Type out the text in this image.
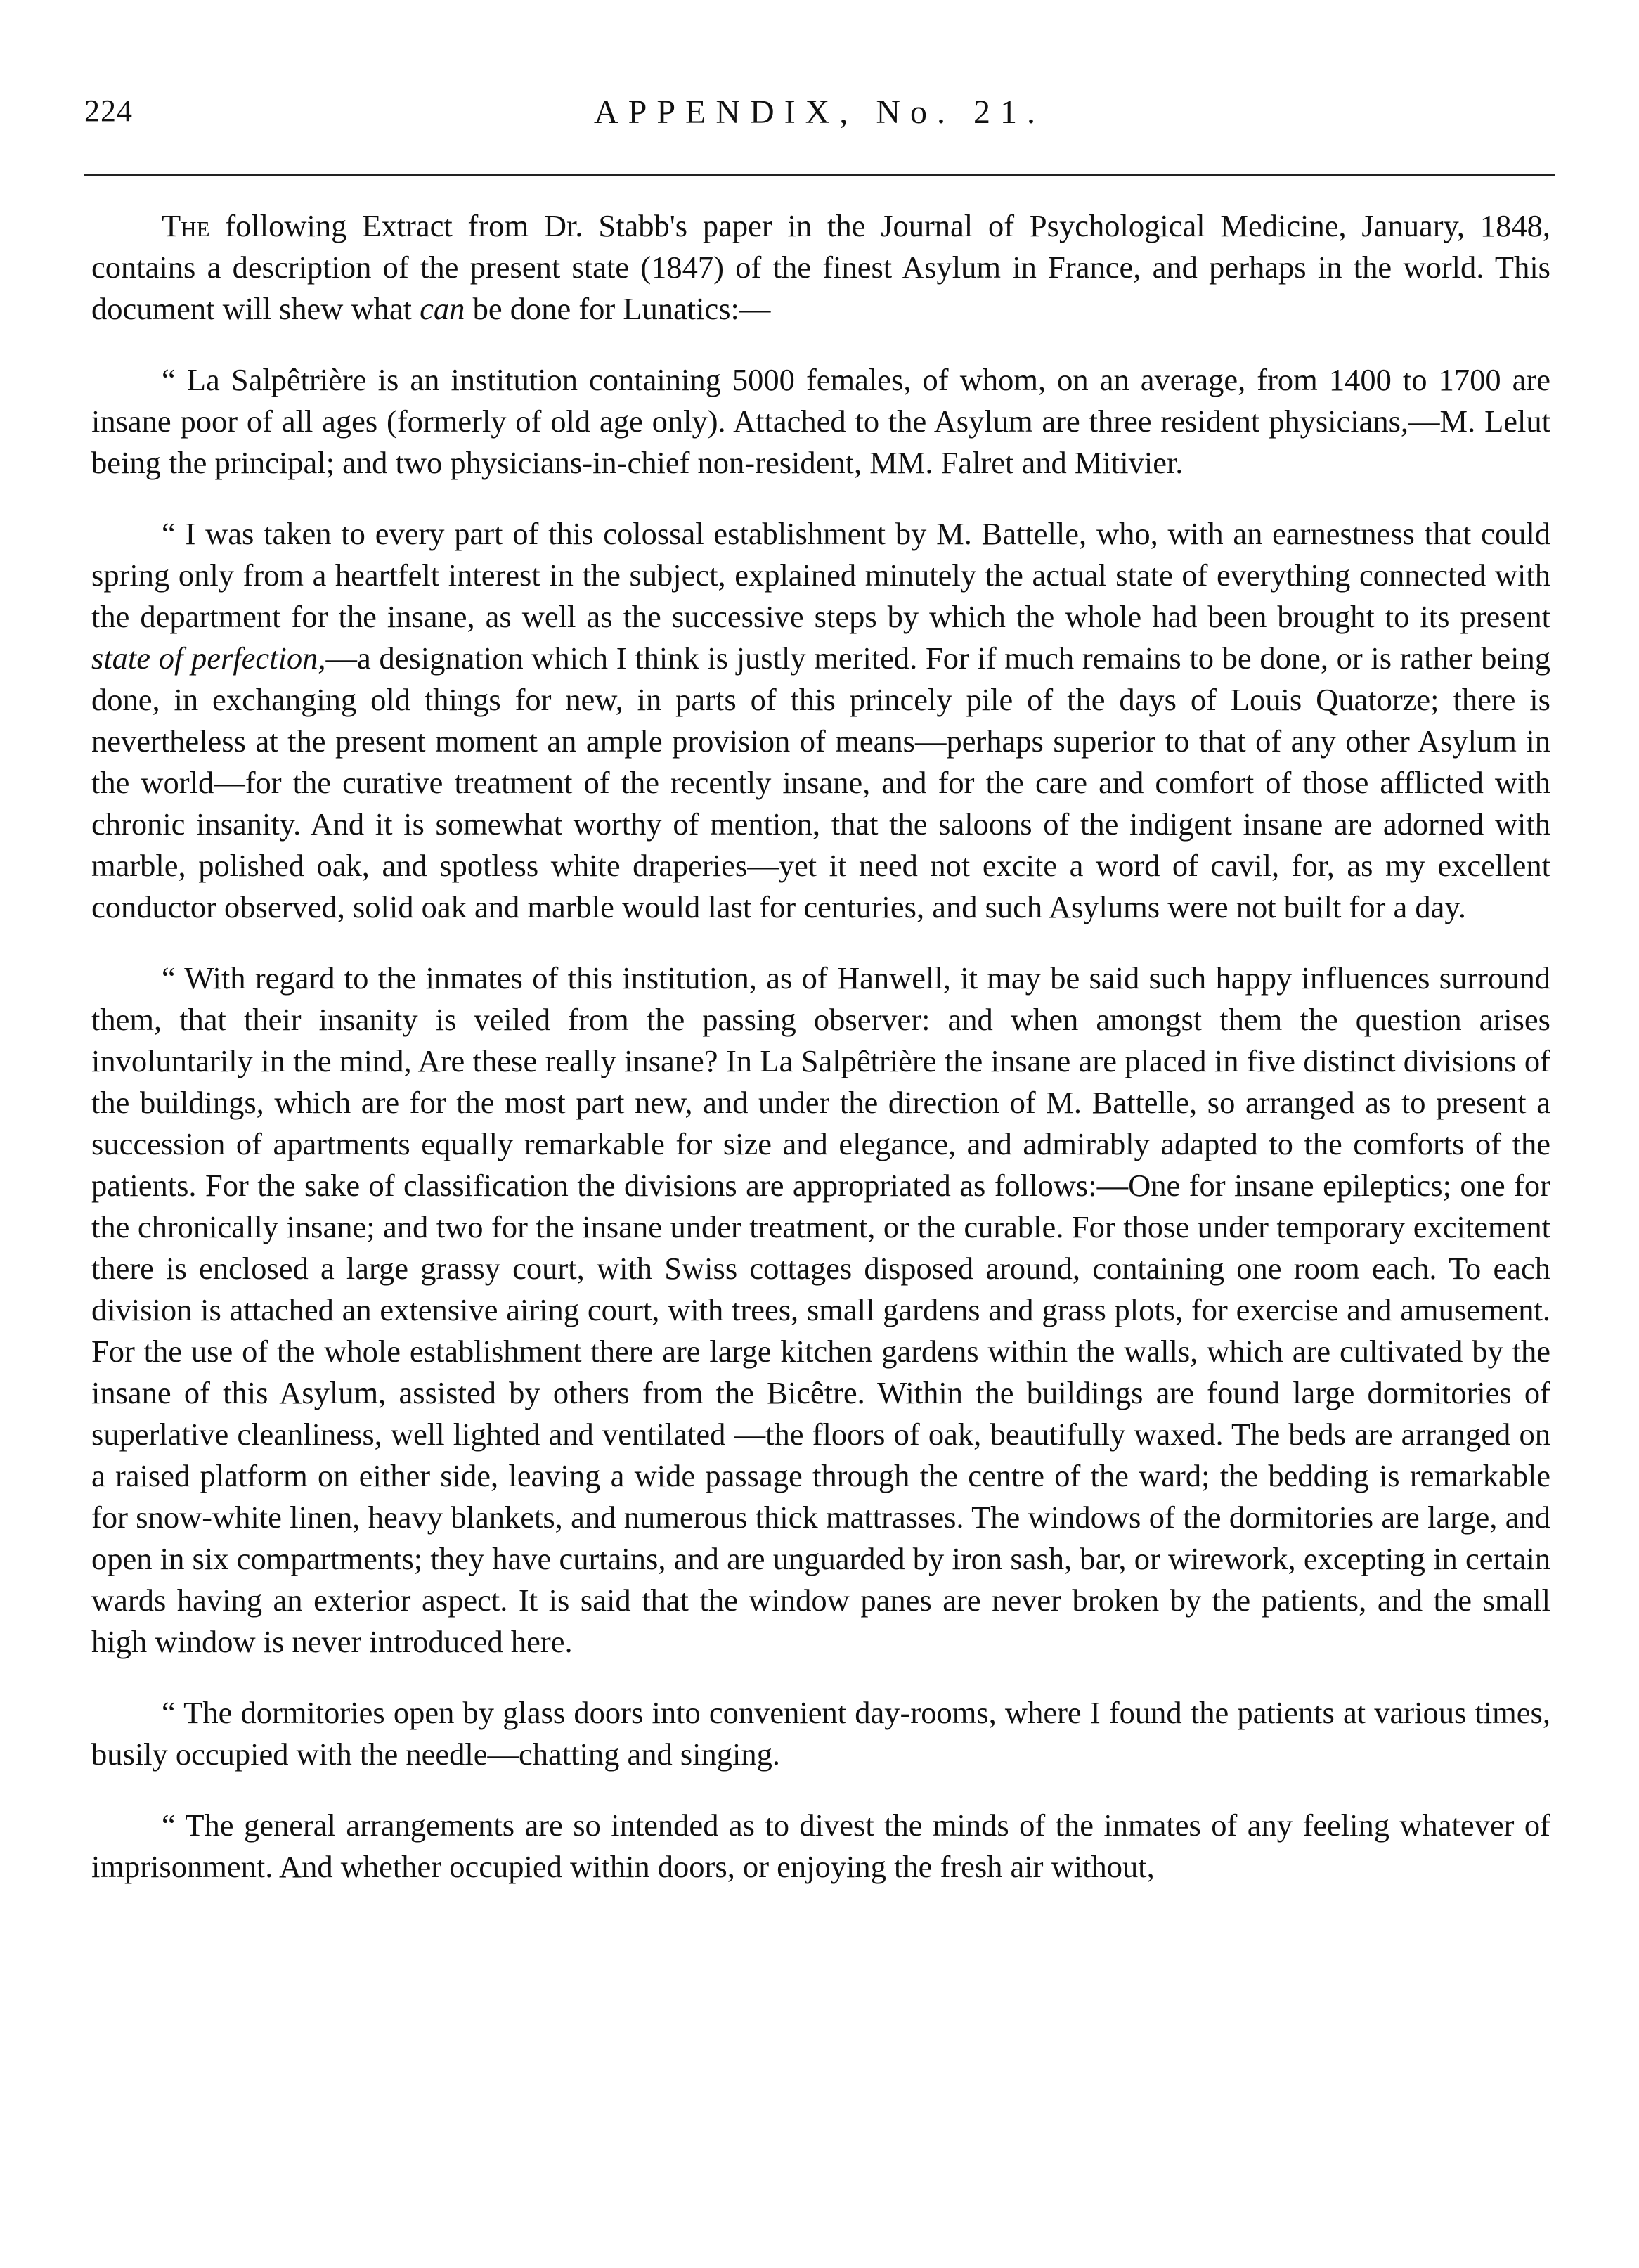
224	APPENDIX, No. 21.

The following Extract from Dr. Stabb's paper in the Journal of Psychological Medicine, January, 1848, contains a description of the present state (1847) of the finest Asylum in France, and perhaps in the world. This document will shew what can be done for Lunatics:—

“ La Salpêtrière is an institution containing 5000 females, of whom, on an average, from 1400 to 1700 are insane poor of all ages (formerly of old age only). Attached to the Asylum are three resident physicians,—M. Lelut being the principal; and two physicians-in-chief non-resident, MM. Falret and Mitivier.

“ I was taken to every part of this colossal establishment by M. Battelle, who, with an earnestness that could spring only from a heartfelt interest in the subject, explained minutely the actual state of everything connected with the department for the insane, as well as the successive steps by which the whole had been brought to its present state of perfection,—a designation which I think is justly merited. For if much remains to be done, or is rather being done, in exchanging old things for new, in parts of this princely pile of the days of Louis Quatorze; there is nevertheless at the present moment an ample provision of means—perhaps superior to that of any other Asylum in the world—for the curative treatment of the recently insane, and for the care and comfort of those afflicted with chronic insanity. And it is somewhat worthy of mention, that the saloons of the indigent insane are adorned with marble, polished oak, and spotless white draperies—yet it need not excite a word of cavil, for, as my excellent conductor observed, solid oak and marble would last for centuries, and such Asylums were not built for a day.

“ With regard to the inmates of this institution, as of Hanwell, it may be said such happy influences surround them, that their insanity is veiled from the passing observer: and when amongst them the question arises involuntarily in the mind, Are these really insane? In La Salpêtrière the insane are placed in five distinct divisions of the buildings, which are for the most part new, and under the direction of M. Battelle, so arranged as to present a succession of apartments equally remarkable for size and elegance, and admirably adapted to the comforts of the patients. For the sake of classification the divisions are appropriated as follows:—One for insane epileptics; one for the chronically insane; and two for the insane under treatment, or the curable. For those under temporary excitement there is enclosed a large grassy court, with Swiss cottages disposed around, containing one room each. To each division is attached an extensive airing court, with trees, small gardens and grass plots, for exercise and amusement. For the use of the whole establishment there are large kitchen gardens within the walls, which are cultivated by the insane of this Asylum, assisted by others from the Bicêtre. Within the buildings are found large dormitories of superlative cleanliness, well lighted and ventilated —the floors of oak, beautifully waxed. The beds are arranged on a raised platform on either side, leaving a wide passage through the centre of the ward; the bedding is remarkable for snow-white linen, heavy blankets, and numerous thick mattrasses. The windows of the dormitories are large, and open in six compartments; they have curtains, and are unguarded by iron sash, bar, or wirework, excepting in certain wards having an exterior aspect. It is said that the window panes are never broken by the patients, and the small high window is never introduced here.

“ The dormitories open by glass doors into convenient day-rooms, where I found the patients at various times, busily occupied with the needle—chatting and singing.

“ The general arrangements are so intended as to divest the minds of the inmates of any feeling whatever of imprisonment. And whether occupied within doors, or enjoying the fresh air without,
